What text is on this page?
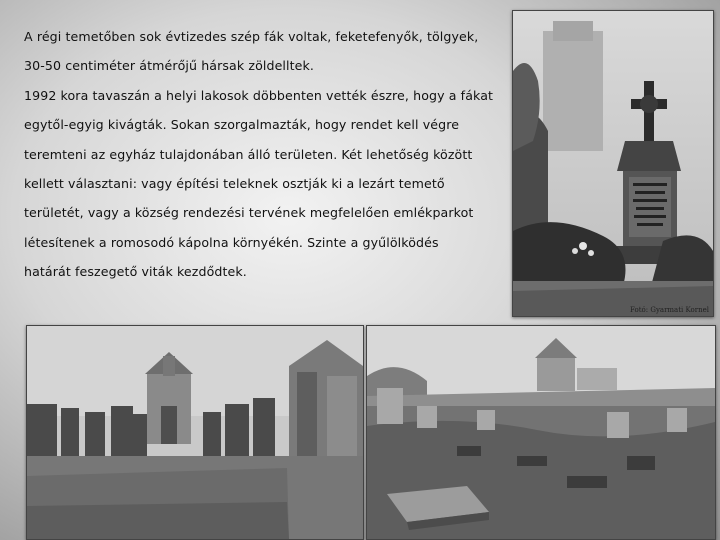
A régi temetőben sok évtizedes szép fák voltak, feketefenyők, tölgyek,

30-50 centiméter átmérőjű hársak zöldelltek.

1992 kora tavaszán a helyi lakosok döbbenten vették észre, hogy a fákat

egytől-egyig kivágták. Sokan szorgalmazták, hogy rendet kell végre

teremteni az egyház tulajdonában álló területen. Két lehetőség között

kellett választani: vagy építési teleknek osztják ki a lezárt temető

területét, vagy a község rendezési tervének megfelelően emlékparkot

létesítenek a romosodó kápolna környékén. Szinte a gyűlölködés

határát feszegető viták kezdődtek.

Fotó: Gyarmati Kornel
